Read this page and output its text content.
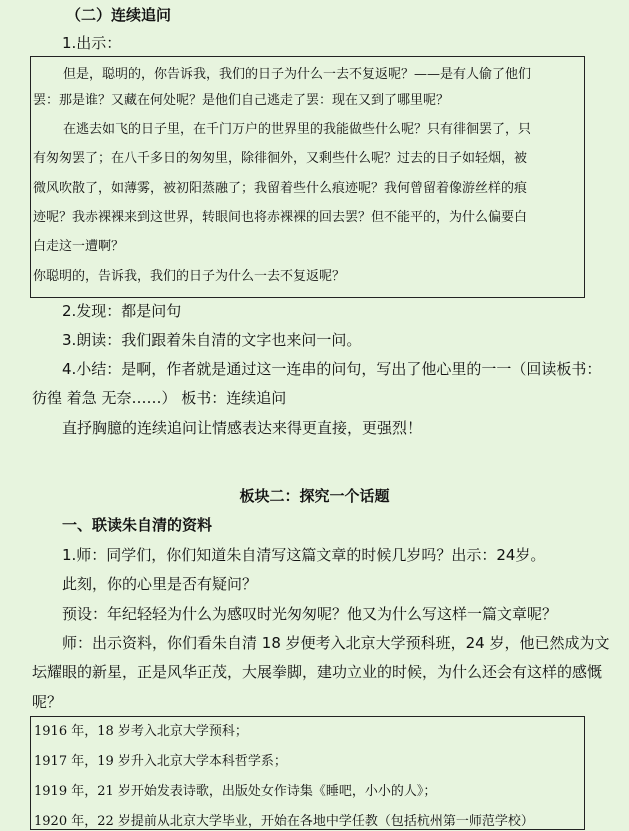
（二）连续追问
1.出示：
但是，聪明的，你告诉我，我们的日子为什么一去不复返呢？——是有人偷了他们
罢：那是谁？又藏在何处呢？是他们自己逃走了罢：现在又到了哪里呢？
在逃去如飞的日子里，在千门万户的世界里的我能做些什么呢？只有徘徊罢了，只
有匆匆罢了；在八千多日的匆匆里，除徘徊外，又剩些什么呢？过去的日子如轻烟，被
微风吹散了，如薄雾，被初阳蒸融了；我留着些什么痕迹呢？我何曾留着像游丝样的痕
迹呢？我赤裸裸来到这世界，转眼间也将赤裸裸的回去罢？但不能平的，为什么偏要白
白走这一遭啊？
你聪明的，告诉我，我们的日子为什么一去不复返呢？
2.发现：都是问句
3.朗读：我们跟着朱自清的文字也来问一问。
4.小结：是啊，作者就是通过这一连串的问句，写出了他心里的一一（回读板书：
彷徨 着急 无奈……） 板书：连续追问
直抒胸臆的连续追问让情感表达来得更直接，更强烈！
板块二：探究一个话题
一、联读朱自清的资料
1.师：同学们，你们知道朱自清写这篇文章的时候几岁吗？出示：24岁。
此刻，你的心里是否有疑问？
预设：年纪轻轻为什么为感叹时光匆匆呢？他又为什么写这样一篇文章呢？
师：出示资料，你们看朱自清 18 岁便考入北京大学预科班，24 岁，他已然成为文
坛耀眼的新星，正是风华正茂，大展拳脚，建功立业的时候，为什么还会有这样的感慨
呢？
1916 年，18 岁考入北京大学预科；
1917 年，19 岁升入北京大学本科哲学系；
1919 年，21 岁开始发表诗歌，出版处女作诗集《睡吧，小小的人》；
1920 年，22 岁提前从北京大学毕业，开始在各地中学任教（包括杭州第一师范学校）
